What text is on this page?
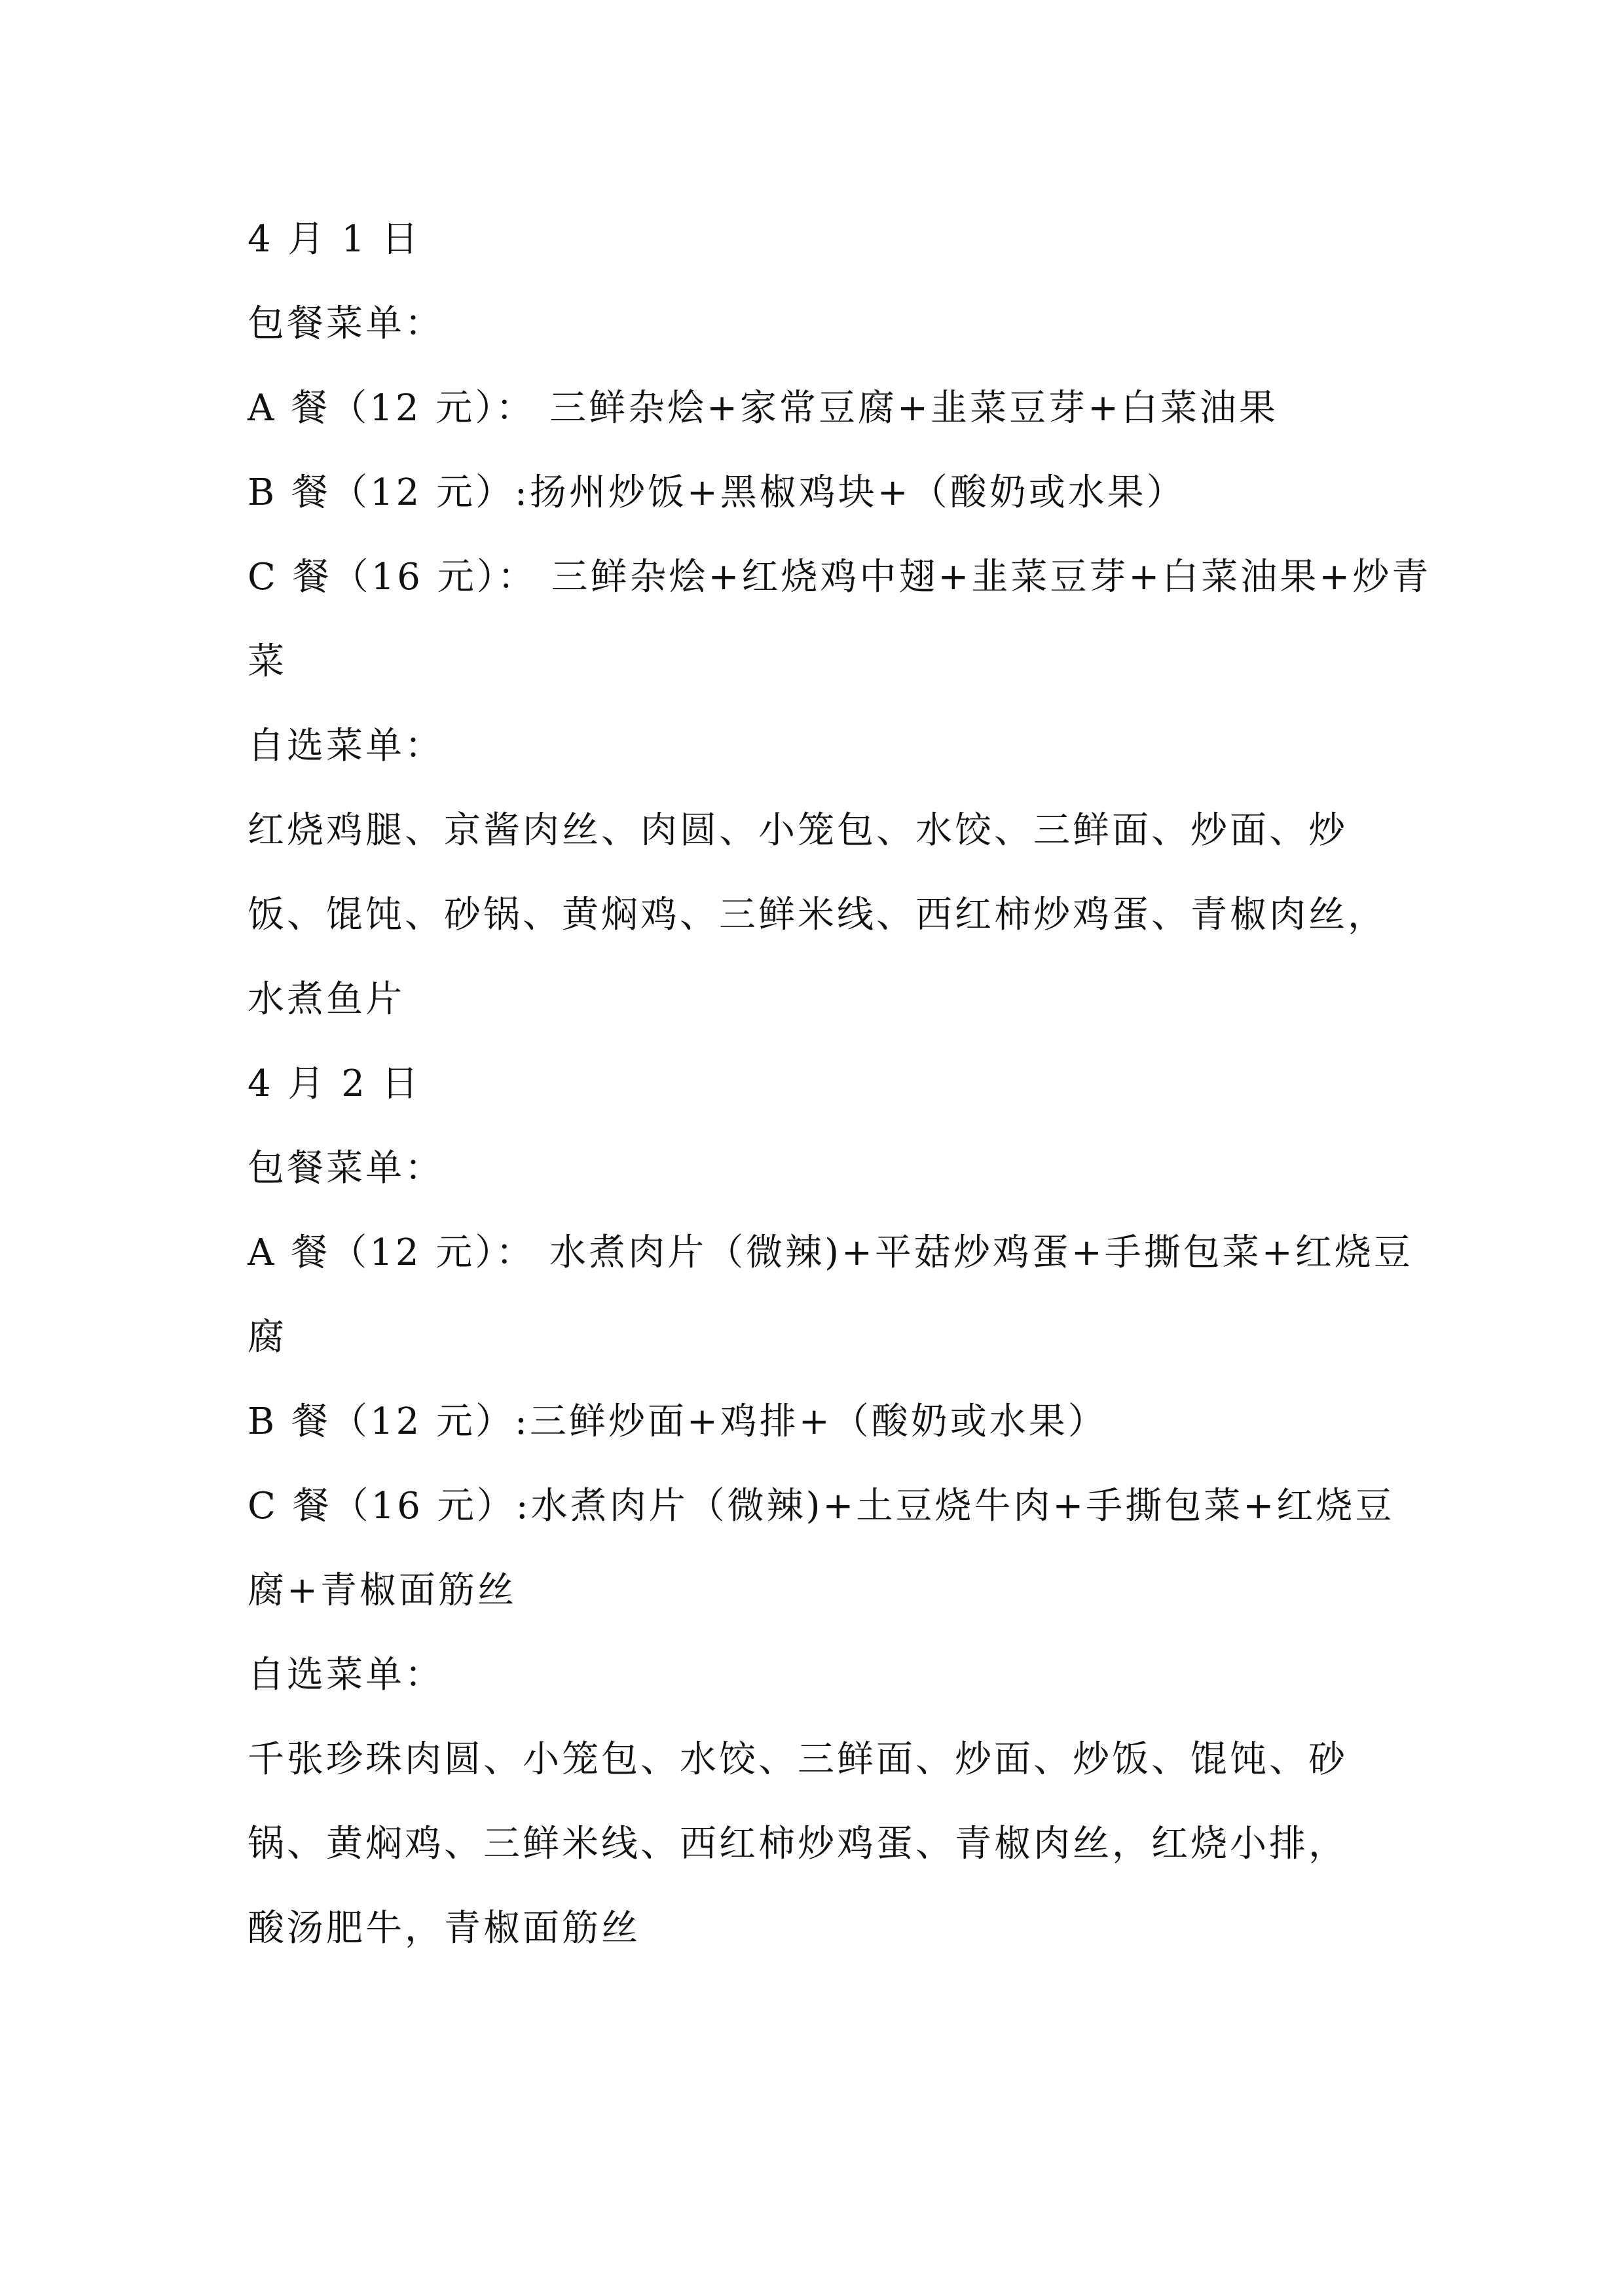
4 月 1 日
包餐菜单：
A 餐（12 元）： 三鲜杂烩+家常豆腐+韭菜豆芽+白菜油果
B 餐（12 元）:扬州炒饭+黑椒鸡块+（酸奶或水果）
C 餐（16 元）： 三鲜杂烩+红烧鸡中翅+韭菜豆芽+白菜油果+炒青
菜
自选菜单：
红烧鸡腿、京酱肉丝、肉圆、小笼包、水饺、三鲜面、炒面、炒
饭、馄饨、砂锅、黄焖鸡、三鲜米线、西红柿炒鸡蛋、青椒肉丝，
水煮鱼片
4 月 2 日
包餐菜单：
A 餐（12 元）： 水煮肉片（微辣)+平菇炒鸡蛋+手撕包菜+红烧豆
腐
B 餐（12 元）:三鲜炒面+鸡排+（酸奶或水果）
C 餐（16 元）:水煮肉片（微辣)+土豆烧牛肉+手撕包菜+红烧豆
腐+青椒面筋丝
自选菜单：
千张珍珠肉圆、小笼包、水饺、三鲜面、炒面、炒饭、馄饨、砂
锅、黄焖鸡、三鲜米线、西红柿炒鸡蛋、青椒肉丝，红烧小排，
酸汤肥牛，青椒面筋丝
